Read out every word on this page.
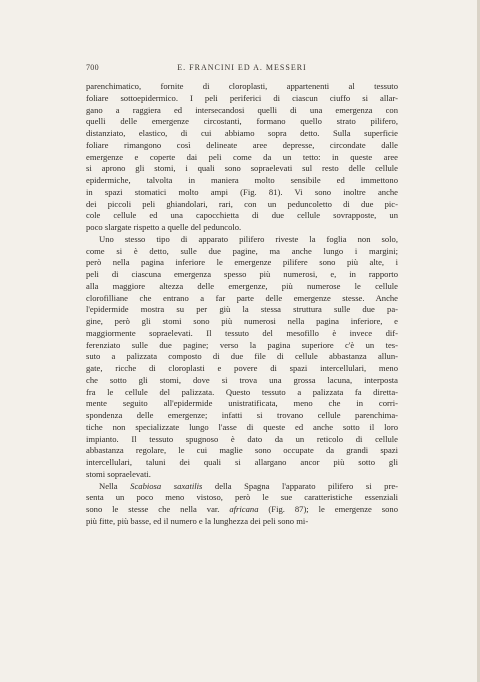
700	E. FRANCINI ED A. MESSERI
parenchimatico, fornite di cloroplasti, appartenenti al tessuto
foliare sottoepidermico. I peli periferici di ciascun ciuffo si allar-
gano a raggiera ed intersecandosi quelli di una emergenza con
quelli delle emergenze circostanti, formano quello strato pilifero,
distanziato, elastico, di cui abbiamo sopra detto. Sulla superficie
foliare rimangono così delineate aree depresse, circondate dalle
emergenze e coperte dai peli come da un tetto: in queste aree
si aprono gli stomi, i quali sono sopraelevati sul resto delle cellule
epidermiche, talvolta in maniera molto sensibile ed immettono
in spazi stomatici molto ampi (Fig. 81). Vi sono inoltre anche
dei piccoli peli ghiandolari, rari, con un peduncoletto di due pic-
cole cellule ed una capocchietta di due cellule sovrapposte, un
poco slargate rispetto a quelle del peduncolo.
Uno stesso tipo di apparato pilifero riveste la foglia non solo,
come si è detto, sulle due pagine, ma anche lungo i margini;
però nella pagina inferiore le emergenze pilifere sono più alte, i
peli di ciascuna emergenza spesso più numerosi, e, in rapporto
alla maggiore altezza delle emergenze, più numerose le cellule
clorofilliane che entrano a far parte delle emergenze stesse. Anche
l'epidermide mostra su per giù la stessa struttura sulle due pa-
gine, però gli stomi sono più numerosi nella pagina inferiore, e
maggiormente sopraelevati. Il tessuto del mesofillo è invece dif-
ferenziato sulle due pagine; verso la pagina superiore c'è un tes-
suto a palizzata composto di due file di cellule abbastanza allun-
gate, ricche di cloroplasti e povere di spazi intercellulari, meno
che sotto gli stomi, dove si trova una grossa lacuna, interposta
fra le cellule del palizzata. Questo tessuto a palizzata fa diretta-
mente seguito all'epidermide unistratificata, meno che in corri-
spondenza delle emergenze; infatti si trovano cellule parenchima-
tiche non specializzate lungo l'asse di queste ed anche sotto il loro
impianto. Il tessuto spugnoso è dato da un reticolo di cellule
abbastanza regolare, le cui maglie sono occupate da grandi spazi
intercellulari, taluni dei quali si allargano ancor più sotto gli
stomi sopraelevati.
Nella Scabiosa saxatilis della Spagna l'apparato pilifero si pre-
senta un poco meno vistoso, però le sue caratteristiche essenziali
sono le stesse che nella var. africana (Fig. 87); le emergenze sono
più fitte, più basse, ed il numero e la lunghezza dei peli sono mi-
